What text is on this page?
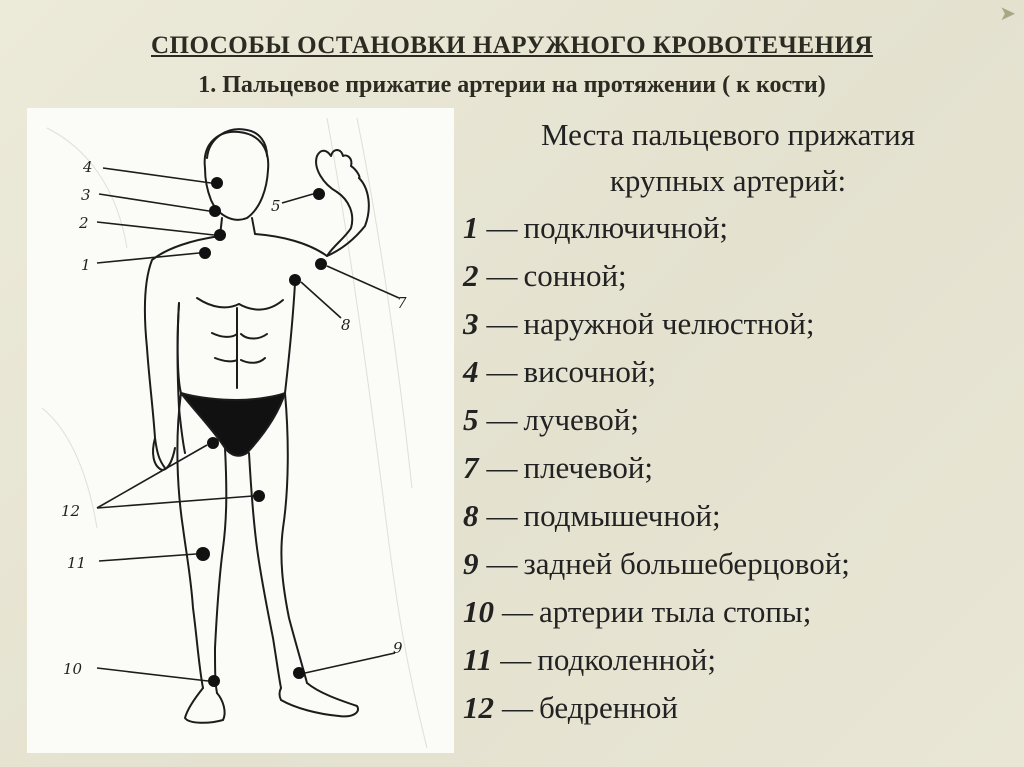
➤
СПОСОБЫ ОСТАНОВКИ НАРУЖНОГО КРОВОТЕЧЕНИЯ
1. Пальцевое прижатие артерии на протяжении ( к кости)
4
3
2
1
5
7
8
12
11
10
9
Места пальцевого прижатия
крупных артерий:
1 — подключичной;
2 — сонной;
3 — наружной челюстной;
4 — височной;
5 — лучевой;
7 — плечевой;
8 — подмышечной;
9 — задней большеберцовой;
10 — артерии тыла стопы;
11 — подколенной;
12 — бедренной
